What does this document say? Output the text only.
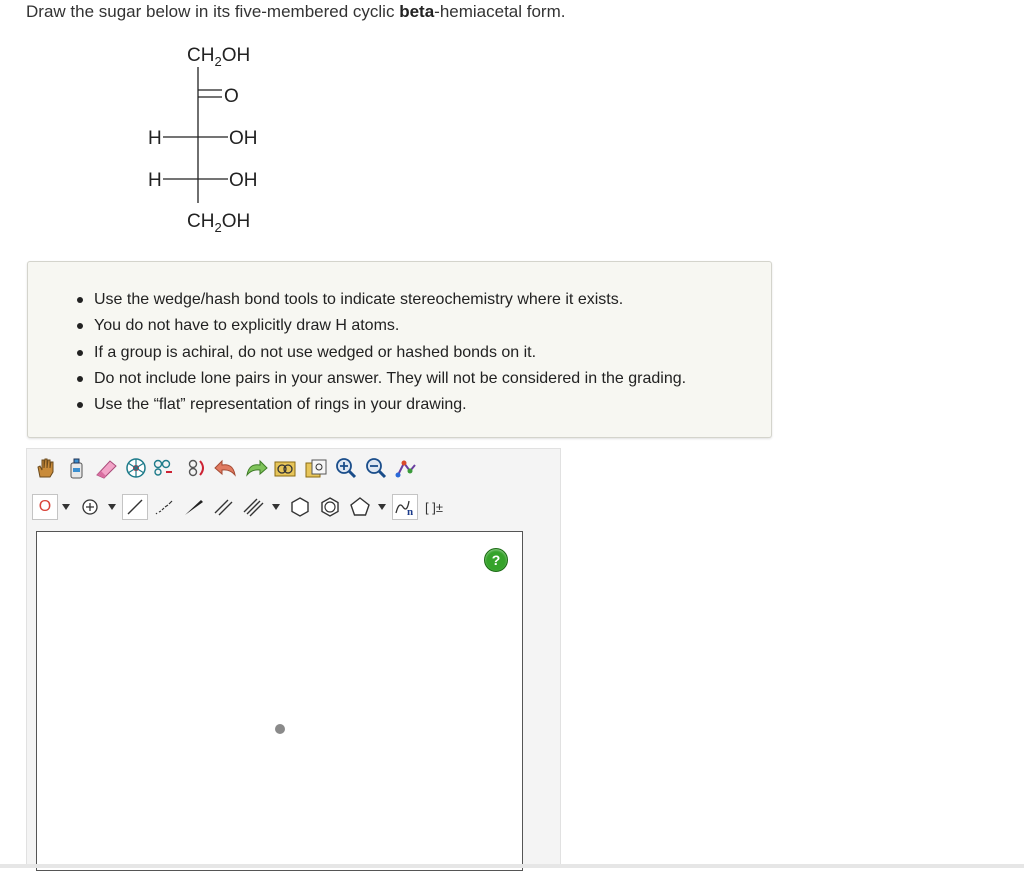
Draw the sugar below in its five-membered cyclic beta-hemiacetal form.
$CH_2OH$
O
H	OH
H	OH
$CH_2OH$
Use the wedge/hash bond tools to indicate stereochemistry where it exists.
You do not have to explicitly draw H atoms.
If a group is achiral, do not use wedged or hashed bonds on it.
Do not include lone pairs in your answer. They will not be considered in the grading.
Use the “flat” representation of rings in your drawing.
O	n [ ]±
?
